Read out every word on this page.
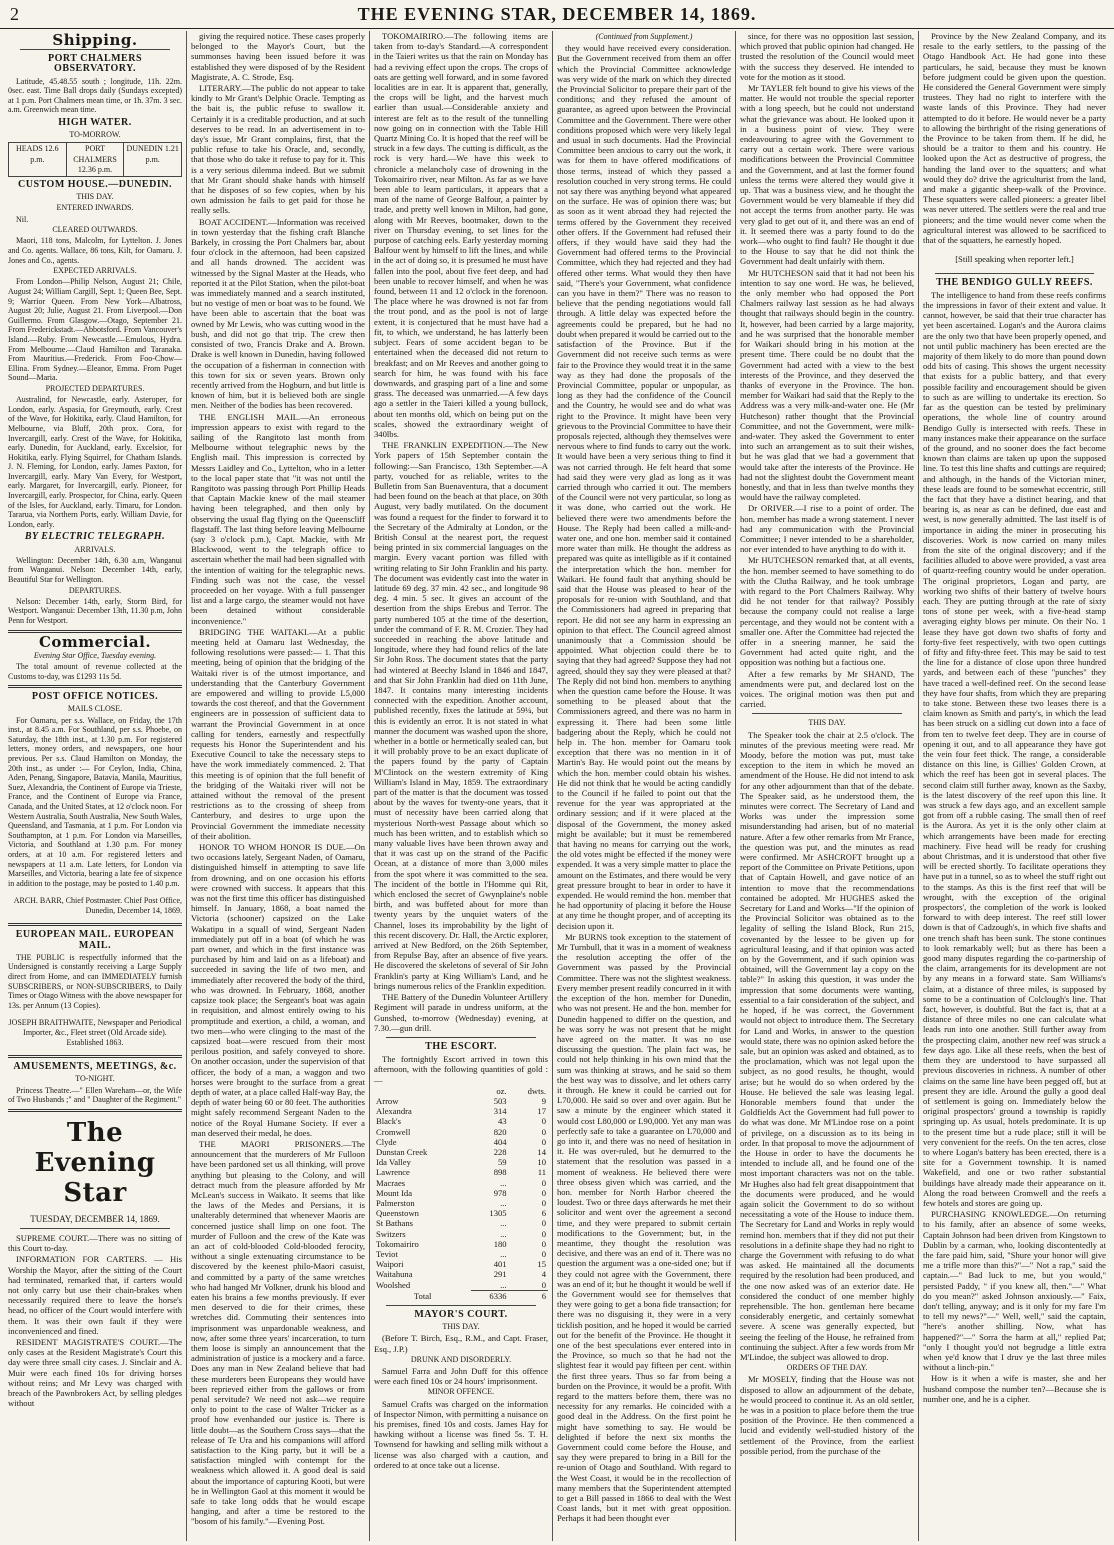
2	THE EVENING STAR, DECEMBER 14, 1869.
Shipping.
PORT CHALMERS OBSERVATORY.

Latitude, 45.48.55 south ; longitude, 11h. 22m. 0sec. east. Time Ball drops daily (Sundays excepted) at 1 p.m. Port Chalmers mean time, or 1h. 37m. 3 sec. a.m. Greenwich mean time.

HIGH WATER.
TO-MORROW.
HEADS 12.6 p.m.
PORT CHALMERS 12.36 p.m.
DUNEDIN 1.21 p.m.
CUSTOM HOUSE.—DUNEDIN.
THIS DAY.
ENTERED INWARDS.

Nil.

CLEARED OUTWARDS.

Maori, 118 tons, Malcolm, for Lyttelton. J. Jones and Co. agents. Wallace, 86 tons, Kilt, for Oamaru. J. Jones and Co., agents.

EXPECTED ARRIVALS.

From London—Philip Nelson, August 21; Chile, August 24; William Cargill, Sept. 1; Queen Bee, Sept. 9; Warrior Queen. From New York—Albatross, August 20; Julie, August 21. From Liverpool.—Don Guillermo. From Glasgow.—Otago, September 21. From Frederickstadt.—Abbotsford. From Vancouver's Island.—Ruby. From Newcastle.—Emulous, Hydra. From Melbourne.—Claud Hamilton and Taranaka. From Mauritius.—Frederick. From Foo-Chow—Ellina. From Sydney.—Eleanor, Emma. From Puget Sound—Maria.

PROJECTED DEPARTURES.

Australind, for Newcastle, early. Asteroper, for London, early. Aspasia, for Greymouth, early. Crest of the Wave, for Hokitika, early. Claud Hamilton, for Melbourne, via Bluff, 20th prox. Cora, for Invercargill, early. Crest of the Wave, for Hokitika, early. Dunedin, for Auckland, early. Excelsior, for Hokitika, early. Flying Squirrel, for Chatham Islands. J. N. Fleming, for London, early. James Paxton, for Invercargill, early. Mary Van Every, for Westport, early. Margaret, for Invercargill, early. Pioneer, for Invercargill, early. Prospector, for China, early. Queen of the Isles, for Auckland, early. Timaru, for London. Tararua, via Northern Ports, early. William Davie, for London, early.

BY ELECTRIC TELEGRAPH.
ARRIVALS.

Wellington: December 14th, 6.30 a.m, Wanganui from Wanganui. Nelson: December 14th, early, Beautiful Star for Wellington.

DEPARTURES.

Nelson: December 14th, early, Storm Bird, for Westport. Wanganui: December 13th, 11.30 p.m, John Penn for Westport.

Commercial.
Evening Star Office, Tuesday evening.

The total amount of revenue collected at the Customs to-day, was £1293 11s 5d.

POST OFFICE NOTICES.
MAILS CLOSE.

For Oamaru, per s.s. Wallace, on Friday, the 17th inst., at 8.45 a.m. For Southland, per s.s. Phoebe, on Saturday, the 18th inst., at 1.30 p.m. For registered letters, money orders, and newspapers, one hour previous. Per s.s. Claud Hamilton on Monday, the 20th inst., as under :— For Ceylon, India, China, Aden, Penang, Singapore, Batavia, Manila, Mauritius, Suez, Alexandria, the Continent of Europe via Trieste, France, and the Continent of Europe via France, Canada, and the United States, at 12 o'clock noon. For Western Australia, South Australia, New South Wales, Queensland, and Tasmania, at 1 p.m. For London via Southampton, at 1 p.m. For London via Marseilles, Victoria, and Southland at 1.30 p.m. For money orders, at at 10 a.m. For registered letters and newspapers at 11 a.m. Late letters, for London via Marseilles, and Victoria, bearing a late fee of sixpence in addition to the postage, may be posted to 1.40 p.m.

ARCH. BARR, Chief Postmaster. Chief Post Office, Dunedin, December 14, 1869.

EUROPEAN MAIL. EUROPEAN MAIL.

THE PUBLIC is respectfully informed that the Undersigned is constantly receiving a Large Supply direct from Home, and can IMMEDIATELY furnish SUBSCRIBERS, or NON-SUBSCRIBERS, to Daily Times or Otago Witness with the above newspaper for 13s. per Annum (13 Copies).

JOSEPH BRAITHWAITE, Newspaper and Periodical Importer, &c., Fleet street (Old Arcade side). Established 1863.

AMUSEMENTS, MEETINGS, &c.
TO-NIGHT.

Princess Theatre.—" Ellen Wareham—or, the Wife of Two Husbands ;" and " Daughter of the Regiment."

The Evening Star
TUESDAY, DECEMBER 14, 1869.

SUPREME COURT.—There was no sitting of this Court to-day.

INFORMATION FOR CARTERS. — His Worship the Mayor, after the sitting of the Court had terminated, remarked that, if carters would not only carry but use their chain-brakes when necessarily required there to leave the horse's head, no officer of the Court would interfere with them. It was their own fault if they were inconvenienced and fined.

RESIDENT MAGISTRATE'S COURT.—The only cases at the Resident Magistrate's Court this day were three small city cases. J. Sinclair and A. Muir were each fined 10s for driving horses without reins; and Mr Levy was charged with breach of the Pawnbrokers Act, by selling pledges without

giving the required notice. These cases properly belonged to the Mayor's Court, but the summonses having been issued before it was established they were disposed of by the Resident Magistrate, A. C. Strode, Esq.

LITERARY.—The public do not appear to take kindly to Mr Grant's Delphic Oracle. Tempting as the bait is, the public refuse to swallow it. Certainly it is a creditable production, and at such deserves to be read. In an advertisement in to-day's issue, Mr Grant complains, first, that the public refuse to take his Oracle, and, secondly, that those who do take it refuse to pay for it. This is a very serious dilemma indeed. But we submit that Mr Grant should shake hands with himself that he disposes of so few copies, when by his own admission he fails to get paid for those he really sells.

BOAT ACCIDENT.—Information was received in town yesterday that the fishing craft Blanche Barkely, in crossing the Port Chalmers bar, about four o'clock in the afternoon, had been capsized and all hands drowned. The accident was witnessed by the Signal Master at the Heads, who reported it at the Pilot Station, when the pilot-boat was immediately manned and a search instituted, but no vestige of men or boat was to be found. We have been able to ascertain that the boat was owned by Mr Lewis, who was cutting wood in the bush, and did not go that trip. The crew then consisted of two, Francis Drake and A. Brown. Drake is well known in Dunedin, having followed the occupation of a fisherman in connection with this town for six or seven years. Brown only recently arrived from the Hogburn, and but little is known of him, but it is believed both are single men. Neither of the bodies has been recovered.

THE ENGLISH MAIL.—An erroneous impression appears to exist with regard to the sailing of the Rangitoto last month from Melbourne without telegraphic news by the English mail. This impression is corrected by Messrs Laidley and Co., Lyttelton, who in a letter to the local paper state that "it was not until the Rangitoto was passing through Port Phillip Heads that Captain Mackie knew of the mail steamer having been telegraphed, and then only by observing the usual flag flying on the Queenscliff flagstaff. The last thing before leaving Melbourne (say 3 o'clock p.m.), Capt. Mackie, with Mr Blackwood, went to the telegraph office to ascertain whether the mail had been signalled with the intention of waiting for the telegraphic news. Finding such was not the case, the vessel proceeded on her voyage. With a full passenger list and a large cargo, the steamer would not have been detained without considerable inconvenience."

BRIDGING THE WAITAKI.—At a public meeting held at Oamaru last Wednesday, the following resolutions were passed:— 1. That this meeting, being of opinion that the bridging of the Waitaki river is of the utmost importance, and understanding that the Canterbury Government are empowered and willing to provide L5,000 towards the cost thereof, and that the Government engineers are in possession of sufficient data to warrant the Provincial Government in at once calling for tenders, earnestly and respectfully requests his Honor the Superintendent and his Executive Council to take the necessary steps to have the work immediately commenced. 2. That this meeting is of opinion that the full benefit of the bridging of the Waitaki river will not be attained without the removal of the present restrictions as to the crossing of sheep from Canterbury, and desires to urge upon the Provincial Government the immediate necessity of their abolition.

HONOR TO WHOM HONOR IS DUE.—On two occasions lately, Sergeant Naden, of Oamaru, distinguished himself in attempting to save life from drowning, and on one occasion his efforts were crowned with success. It appears that this was not the first time this officer has distinguished himself. In January, 1868, a boat named the Victoria (schooner) capsized on the Lake Wakatipu in a squall of wind, Sergeant Naden immediately put off in a boat (of which he was part owner, and which in the first instance was purchased by him and laid on as a lifeboat) and succeeded in saving the life of two men, and immediately after recovered the body of the third, who was drowned. In February, 1868, another capsize took place; the Sergeant's boat was again in requisition, and almost entirely owing to his promptitude and exertion, a child, a woman, and two men—who were clinging to the mast of the capsized boat—were rescued from their most perilous position, and safely conveyed to shore. On another occasion, under the supervision of that officer, the body of a man, a waggon and two horses were brought to the surface from a great depth of water, at a place called Half-way Bay, the depth of water being 60 or 80 feet. The authorities might safely recommend Sergeant Naden to the notice of the Royal Humane Society. If ever a man deserved their medal, he does.

THE MAORI PRISONERS.—The announcement that the murderers of Mr Fulloon have been pardoned set us all thinking, will prove anything but pleasing to the Colony, and will detract much from the pleasure afforded by Mr McLean's success in Waikato. It seems that like the laws of the Medes and Persians, it is unalterably determined that whenever Maoris are concerned justice shall limp on one foot. The murder of Fulloon and the crew of the Kate was an act of cold-blooded Cold-blooded ferocity, without a single extenuating circumstance to be discovered by the keenest philo-Maori casuist, and committed by a party of the same wretches who had hanged Mr Volkner, drunk his blood and eaten his brains a few months previously. If ever men deserved to die for their crimes, these wretches did. Commuting their sentences into imprisonment was unpardonable weakness, and now, after some three years' incarceration, to turn them loose is simply an announcement that the administration of justice is a mockery and a farce. Does any man in New Zealand believe that had these murderers been Europeans they would have been reprieved either from the gallows or from penal servitude? We need not ask—we require only to point to the case of Walter Tricker as a proof how evenhanded our justice is. There is little doubt—as the Southern Cross says—that the release of Te Ura and his companions will afford satisfaction to the King party, but it will be a satisfaction mingled with contempt for the weakness which allowed it. A good deal is said about the importance of capturing Kooti, but were he in Wellington Gaol at this moment it would be safe to take long odds that he would escape hanging, and after a time be restored to the "bosom of his family."—Evening Post.

TOKOMAIRIRO.—The following items are taken from to-day's Standard.—A correspondent in the Taieri writes us that the rain on Monday has had a reviving effect upon the crops. The crops of oats are getting well forward, and in some favored localities are in ear. It is apparent that, generally, the crops will be light, and the harvest much earlier than usual.—Considerable anxiety and interest are felt as to the result of the tunnelling now going on in connection with the Table Hill Quartz Mining Co. It is hoped that the reef will be struck in a few days. The cutting is difficult, as the rock is very hard.—We have this week to chronicle a melancholy case of drowning in the Tokomairiro river, near Milton. As far as we have been able to learn particulars, it appears that a man of the name of George Balfour, a painter by trade, and pretty well known in Milton, had gone, along with Mr Reeves, bootmaker, down to the river on Thursday evening, to set lines for the purpose of catching eels. Early yesterday morning Balfour went by himself to lift the lines, and while in the act of doing so, it is presumed he must have fallen into the pool, about five feet deep, and had been unable to recover himself, and when he was found, between 11 and 12 o'clock in the forenoon. The place where he was drowned is not far from the trout pond, and as the pool is not of large extent, it is conjectured that he must have had a fit, to which, we understand, he has latterly been subject. Fears of some accident began to be entertained when the deceased did not return to breakfast; and on Mr Reeves and another going to search for him, he was found with his face downwards, and grasping part of a line and some grass. The deceased was unmarried.—A few days ago a settler in the Taieri killed a young bullock, about ten months old, which on being put on the scales, showed the extraordinary weight of 340lbs.

THE FRANKLIN EXPEDITION.—The New York papers of 15th September contain the following:—San Francisco, 13th September.—A party, vouched for as reliable, writes to the Bulletin from San Buenaventura, that a document had been found on the beach at that place, on 30th August, very badly mutilated. On the document was found a request for the finder to forward it to the Secretary of the Admiralty at London, or the British Consul at the nearest port, the request being printed in six commercial languages on the margin. Every vacant portion was filled with writing relating to Sir John Franklin and his party. The document was evidently cast into the water in latitude 69 deg. 37 min. 42 sec., and longitude 98 deg. 4 min. 5 sec. It gives an account of the desertion from the ships Erebus and Terror. The party numbered 105 at the time of the desertion, under the command of F. R. M. Crozier. They had succeeded in reaching the above latitude and longitude, where they had found relics of the late Sir John Ross. The document states that the party had wintered at Beechy Island in 1846 and 1847, and that Sir John Franklin had died on 11th June, 1847. It contains many interesting incidents connected with the expedition. Another account, published recently, fixes the latitude at 59¼, but this is evidently an error. It is not stated in what manner the document was washed upon the shore, whether in a bottle or hermetically sealed can, but it will probably prove to be an exact duplicate of the papers found by the party of Captain M'Clintock on the western extremity of King William's Island in May, 1859. The extraordinary part of the matter is that the document was tossed about by the waves for twenty-one years, that it must of necessity have been carried along that mysterious North-west Passage about which so much has been written, and to establish which so many valuable lives have been thrown away and that it was cast up on the strand of the Pacific Ocean, at a distance of more than 3,000 miles from the spot where it was committed to the sea. The incident of the bottle in l'Homme qui Rit, which enclosed the secret of Gwynplaine's noble birth, and was buffeted about for more than twenty years by the unquiet waters of the Channel, loses its improbability by the light of this recent discovery. Dr. Hall, the Arctic explorer, arrived at New Bedford, on the 26th September, from Repulse Bay, after an absence of five years. He discovered the skeletons of several of Sir John Franklin's party at King William's Land, and he brings numerous relics of the Franklin expedition.

THE Battery of the Dunedin Volunteer Artillery Regiment will parade in undress uniform, at the Gunshed, to-morrow (Wednesday) evening, at 7.30.—gun drill.

THE ESCORT.

The fortnightly Escort arrived in town this afternoon, with the following quantities of gold :—

	oz.	dwts.
Arrow	503	9
Alexandra	314	17
Black's	43	0
Cromwell	820	0
Clyde	404	0
Dunstan Creek	228	14
Ida Valley	59	10
Lawrence	898	11
Macraes	...	0
Mount Ida	978	0
Palmerston	...	0
Queenstown	1305	6
St Bathans	...	0
Switzers	...	0
Tokomairiro	180	0
Teviot	...	0
Waipori	401	15
Waitahuna	291	4
Woolshed	...	0
Total	6336	6
MAYOR'S COURT.
THIS DAY.

(Before T. Birch, Esq., R.M., and Capt. Fraser, Esq., J.P.)

DRUNK AND DISORDERLY.

Samuel Farra and John Duff for this offence were each fined 10s or 24 hours' imprisonment.

MINOR OFFENCE.

Samuel Crafts was charged on the information of Inspector Nimon, with permitting a nuisance on his premises, fined 10s and costs. James Hay for hawking without a license was fined 5s. T. H. Townsend for hawking and selling milk without a license was also charged with a caution, and ordered to at once take out a license.

(Continued from Supplement.)

they would have received every consideration. But the Government received from them an offer which the Provincial Committee acknowledge was very wide of the mark on which they directed the Provincial Solicitor to prepare their part of the conditions; and they refused the amount of guarantee, as agreed upon between the Provincial Committee and the Government. There were other conditions proposed which were very likely legal and usual in such documents. Had the Provincial Committee been anxious to carry out the work, it was for them to have offered modifications of those terms, instead of which they passed a resolution couched in very strong terms. He could not say there was anything beyond what appeared on the surface. He was of opinion there was; but as soon as it went abroad they had rejected the terms offered by the Government they received other offers. If the Government had refused their offers, if they would have said they had the Government had offered terms to the Provincial Committee, which they had rejected and they had offered other terms. What would they then have said, "There's your Government, what confidence can you have in them?" There was no reason to believe that the pending negotiations would fall through. A little delay was expected before the agreements could be prepared, but he had no doubt when prepared it would be carried out to the satisfaction of the Province. But if the Government did not receive such terms as were fair to the Province they would treat it in the same way as they had done the proposals of the Provincial Committee, popular or unpopular, as long as they had the confidence of the Council and the Country, he would see and do what was right to the Province. It might have been very grievous to the Provincial Committee to have their proposals rejected, although they themselves were nervous where to find funds to carry out the work. It would have been a very serious thing to find it was not carried through. He felt heard that some had said they were very glad as long as it was carried through who carried it out. The members of the Council were not very particular, so long as it was done, who carried out the work. He believed there were two amendments before the House. The Reply had been called a milk-and-water one, and one hon. member said it contained more water than milk. He thought the address as prepared was quite as intelligible as if it contained the interpretation which the hon. member for Waikari. He found fault that anything should be said that the House was pleased to hear of the proposals for re-union with Southland, and that the Commissioners had agreed in preparing that report. He did not see any harm in expressing an opinion to that effect. The Council agreed almost unanimously that a Commission should be appointed. What objection could there be to saying that they had agreed? Suppose they had not agreed, should they say they were pleased at that? The Reply did not bind hon. members to anything when the question came before the House. It was something to be pleased about that the Commissioners agreed, and there was no harm in expressing it. There had been some little badgering about the Reply, which he could not help in. The hon. member for Oamaru took exception that there was no mention in it of Martin's Bay. He would point out the means by which the hon. member could obtain his wishes. He did not think that he would be acting candidly to the Council if he failed to point out that the revenue for the year was appropriated at the ordinary session; and if it were placed at the disposal of the Government, the money asked might be available; but it must be remembered that having no means for carrying out the work, the old votes might be effected if the money were expended. It was a very simple matter to place the amount on the Estimates, and there would be very great pressure brought to bear in order to have it expended. He would remind the hon. member that he had opportunity of placing it before the House at any time he thought proper, and of accepting its decision upon it.

Mr BURNS took exception to the statement of Mr Turnbull, that it was in a moment of weakness the resolution accepting the offer of the Government was passed by the Provincial Committee. There was not the slightest weakness. Every member present readily concurred in it with the exception of the hon. member for Dunedin, who was not present. He and the hon. member for Dunedin happened to differ on the question, and he was sorry he was not present that he might have agreed on the matter. It was no use discussing the question. The plain fact was, he could not help thinking in his own mind that the sum was thinking at straws, and he said so them the best way was to dissolve, and let others carry it through. He knew it could be carried out for L70,000. He said so over and over again. But he saw a minute by the engineer which stated it would cost L80,000 or L90,000. Yet any man was perfectly safe to take a guarantee on L70,000 and go into it, and there was no need of hesitation in it. He was over-ruled, but he demurred to the statement that the resolution was passed in a moment of weakness. He believed there were three obsess given which was carried, and the hon. member for North Harbor cheered the loudest. Two or three days afterwards he met their solicitor and went over the agreement a second time, and they were prepared to submit certain modifications to the Government; but, in the meantime, they thought the resolution was decisive, and there was an end of it. There was no question the argument was a one-sided one; but if they could not agree with the Government, there was an end of it; but he thought it would be well if the Government would see for themselves that they were going to get a bona fide transaction; for there was no disguising it, they were in a very ticklish position, and he hoped it would be carried out for the benefit of the Province. He thought it one of the best speculations ever entered into in the Province, so much so that he had not the slightest fear it would pay fifteen per cent. within the first three years. Thus so far from being a burden on the Province, it would be a profit. With regard to the matters before them, there was no necessity for any remarks. He coincided with a good deal in the Address. On the first point he might have something to say. He would be delighted if before the next six months the Government could come before the House, and say they were prepared to bring in a Bill for the re-union of Otago and Southland. With regard to the West Coast, it would be in the recollection of many members that the Superintendent attempted to get a Bill passed in 1866 to deal with the West Coast lands, but it met with great opposition. Perhaps it had been thought ever

since, for there was no opposition last session, which proved that public opinion had changed. He trusted the resolution of the Council would meet with the success they deserved. He intended to vote for the motion as it stood.

Mr TAYLER felt bound to give his views of the matter. He would not trouble the special reporter with a long speech, but he could not understand what the grievance was about. He looked upon it in a business point of view. They were endeavouring to agree with the Government to carry out a certain work. There were various modifications between the Provincial Committee and the Government, and at last the former found unless the terms were altered they would give it up. That was a business view, and he thought the Government would be very blameable if they did not accept the terms from another party. He was very glad to get out of it, and there was an end of it. It seemed there was a party found to do the work—who ought to find fault? He thought it due to the House to say that he did not think the Government had dealt unfairly with them.

Mr HUTCHESON said that it had not been his intention to say one word. He was, he believed, the only member who had opposed the Port Chalmers railway last session as he had always thought that railways should begin in the country. It, however, had been carried by a large majority, and he was surprised that the honorable member for Waikari should bring in his motion at the present time. There could be no doubt that the Government had acted with a view to the best interests of the Province, and they deserved the thanks of everyone in the Province. The hon. member for Waikari had said that the Reply to the Address was a very milk-and-water one. He (Mr Hutcheson) rather thought that the Provincial Committee, and not the Government, were milk-and-water. They asked the Government to enter into such an arrangement as to suit their wishes, but he was glad that we had a government that would take after the interests of the Province. He had not the slightest doubt the Government meant honestly, and that in less than twelve months they would have the railway completed.

Dr ORIVER.—I rise to a point of order. The hon. member has made a wrong statement. I never had any communication with the Provincial Committee; I never intended to be a shareholder, nor ever intended to have anything to do with it.

Mr HUTCHESON remarked that, at all events, the hon. member seemed to have something to do with the Clutha Railway, and he took umbrage with regard to the Port Chalmers Railway. Why did he not tender for that railway? Possibly because the company could not realise a large percentage, and they would not be content with a smaller one. After the Committee had rejected the offer in a sneering manner, he said the Government had acted quite right, and the opposition was nothing but a factious one.

After a few remarks by Mr SHAND, The amendments were put, and declared lost on the voices. The original motion was then put and carried.

THIS DAY.

The Speaker took the chair at 2.5 o'clock. The minutes of the previous meeting were read. Mr Moody, before the motion was put, must take exception to the item in which he moved an amendment of the House. He did not intend to ask for any other adjournment than that of the debate. The Speaker said, as he understood them, the minutes were correct. The Secretary of Land and Works was under the impression some misunderstanding had arisen, but of no material nature. After a few other remarks from Mr France, the question was put, and the minutes as read were confirmed. Mr ASHCROFT brought up a report of the Committee on Private Petitions, upon that of Captain Howell, and gave notice of an intention to move that the recommendations contained be adopted. Mr HUGHES asked the Secretary for Land and Works—"If the opinion of the Provincial Solicitor was obtained as to the legality of selling the Island Block, Run 215, covenanted by the lessee to be given up for agricultural leasing, and if that opinion was acted on by the Government, and if such opinion was obtained, will the Government lay a copy on the table?" In asking this question, it was under the impression that some documents were wanting, essential to a fair consideration of the subject, and he hoped, if he was correct, the Government would not object to introduce them. The Secretary for Land and Works, in answer to the question would state, there was no opinion asked before the sale, but an opinion was asked and obtained, as to the proclamation, which was not legal upon the subject, as no good results, he thought, would arise; but he would do so when ordered by the House. He believed the sale was leasing legal. Honorable members found that under the Goldfields Act the Government had full power to do what was done. Mr M'Lindoe rose on a point of privilege, on a discussion as to its being in order. In that proposal to move the adjournment of the House in order to have the documents he intended to include all, and he found one of the most important characters was not on the table. Mr Hughes also had felt great disappointment that the documents were produced, and he would again solicit the Government to do so without necessitating a vote of the House to induce them. The Secretary for Land and Works in reply would remind hon. members that if they did not put their resolutions in a definite shape they had no right to charge the Government with refusing to do what was asked. He maintained all the documents required by the resolution had been produced, and the one now asked was of an exterior date. He considered the conduct of one member highly reprehensible. The hon. gentleman here became considerably energetic, and certainly somewhat severe. A scene was generally expected, but seeing the feeling of the House, he refrained from continuing the subject. After a few words from Mr M'Lindoe, the subject was allowed to drop.

ORDERS OF THE DAY.

Mr MOSELY, finding that the House was not disposed to allow an adjournment of the debate, he would proceed to continue it. As an old settler, he was in a position to place before them the true position of the Province. He then commenced a lucid and evidently well-studied history of the settlement of the Province, from the earliest possible period, from the purchase of the

Province by the New Zealand Company, and its resale to the early settlers, to the passing of the Otago Handbook Act. He had gone into these particulars, he said, because they must be known before judgment could be given upon the question. He considered the General Government were simply trustees. They had no right to interfere with the waste lands of this Province. They had never attempted to do it before. He would never be a party to allowing the birthright of the rising generations of the Province to be taken from them. If he did, he should be a traitor to them and his country. He looked upon the Act as destructive of progress, the handing the land over to the squatters; and what would they do? drive the agriculturist from the land, and make a gigantic sheep-walk of the Province. These squatters were called pioneers: a greater libel was never uttered. The settlers were the real and true pioneers; and the time would never come when the agricultural interest was allowed to be sacrificed to that of the squatters, he earnestly hoped.

[Still speaking when reporter left.]

THE BENDIGO GULLY REEFS.

The intelligence to hand from these reefs confirms the impressions in favor of their extent and value. It cannot, however, be said that their true character has yet been ascertained. Logan's and the Aurora claims are the only two that have been properly opened, and not until public machinery has been erected are the majority of them likely to do more than pound down odd bits of casing. This shows the urgent necessity that exists for a public battery, and that every possible facility and encouragement should be given to such as are willing to undertake its erection. So far as the question can be tested by preliminary operations, the whole line of country around Bendigo Gully is intersected with reefs. These in many instances make their appearance on the surface of the ground, and no sooner does the fact become known than claims are taken up upon the supposed line. To test this line shafts and cuttings are required; and although, in the hands of the Victorian miner, these leads are found to be somewhat eccentric, still the fact that they have a distinct bearing, and that bearing is, as near as can be defined, due east and west, is now generally admitted. The last itself is of importance in aiding the miner in prosecuting his discoveries. Work is now carried on many miles from the site of the original discovery; and if the facilities alluded to above were provided, a vast area of quartz-reefing country would be under operation. The original proprietors, Logan and party, are working two shifts of their battery of twelve hours each. They are putting through at the rate of sixty tons of stone per week, with a five-head stamp averaging eighty blows per minute. On their No. 1 lease they have got down two shafts of forty and forty-five feet respectively, with two open cuttings of fifty and fifty-three feet. This may be said to test the line for a distance of close upon three hundred yards, and between each of these "punches" they have traced a well-defined reef. On the second lease they have four shafts, from which they are preparing to take stone. Between these two leases there is a claim known as Smith and party's, in which the lead has been struck on a sidling cut down into a face of from ten to twelve feet deep. They are in course of opening it out, and to all appearance they have got the vein four feet thick. The range, a considerable distance on this line, is Gillies' Golden Crown, at which the reef has been got in several places. The second claim still further away, known as the Saxby, is the latest discovery of the reef upon this line. It was struck a few days ago, and an excellent sample got from off a rubble casing. The small then of reef is the Aurora. As yet it is the only other claim at which arrangements have been made for erecting machinery. Five head will be ready for crushing about Christmas, and it is understood that other five will be erected shortly. To facilitate operations they have put in a tunnel, so as to wheel the stuff right out to the stamps. As this is the first reef that will be wrought, with the exception of the original prospectors', the completion of the work is looked forward to with deep interest. The reef still lower down is that of Cadzough's, in which five shafts and one trench shaft has been sunk. The stone continues to look remarkably well; but as there has been a good many disputes regarding the co-partnership of the claim, arrangements for its development are not by any means in a forward state. Sam Williams's claim, at a distance of three miles, is supposed by some to be a continuation of Colclough's line. That fact, however, is doubtful. But the fact is, that at a distance of three miles no one can calculate what leads run into one another. Still further away from the prospecting claim, another new reef was struck a few days ago. Like all these reefs, when the best of them they are understood to have surpassed all previous discoveries in richness. A number of other claims on the same line have been pegged off, but at present they are idle. Around the gully a good deal of settlement is going on. Immediately below the original prospectors' ground a township is rapidly springing up. As usual, hotels predominate. It is up to the present time but a rude place; still it will be very convenient for the reefs. On the ten acres, close to where Logan's battery has been erected, there is a site for a Government township. It is named Wakefield, and one or two rather substantial buildings have already made their appearance on it. Along the road between Cromwell and the reefs a few hotels and stores are going up.

PURCHASING KNOWLEDGE.—On returning to his family, after an absence of some weeks, Captain Johnson had been driven from Kingstown to Dublin by a carman, who, looking discontentedly at the fare paid him, said, "Shure your honor will give me a trifle more than this?"—" Not a rap," said the captain.—" Bad luck to me, but you would," persisted Paddy, " if you knew all, then."—" What do you mean?" asked Johnson anxiously.—" Faix, don't telling, anyway; and is it only for my fare I'm to tell my news?"—" Well, well," said the captain, "here's another shilling. Now, what has happened?"—" Sorra the harm at all," replied Pat; "only I thought you'd not begrudge a little extra when ye'd know that I druv ye the last three miles without a linch-pin."

How is it when a wife is master, she and her husband compose the number ten?—Because she is number one, and he is a cipher.
